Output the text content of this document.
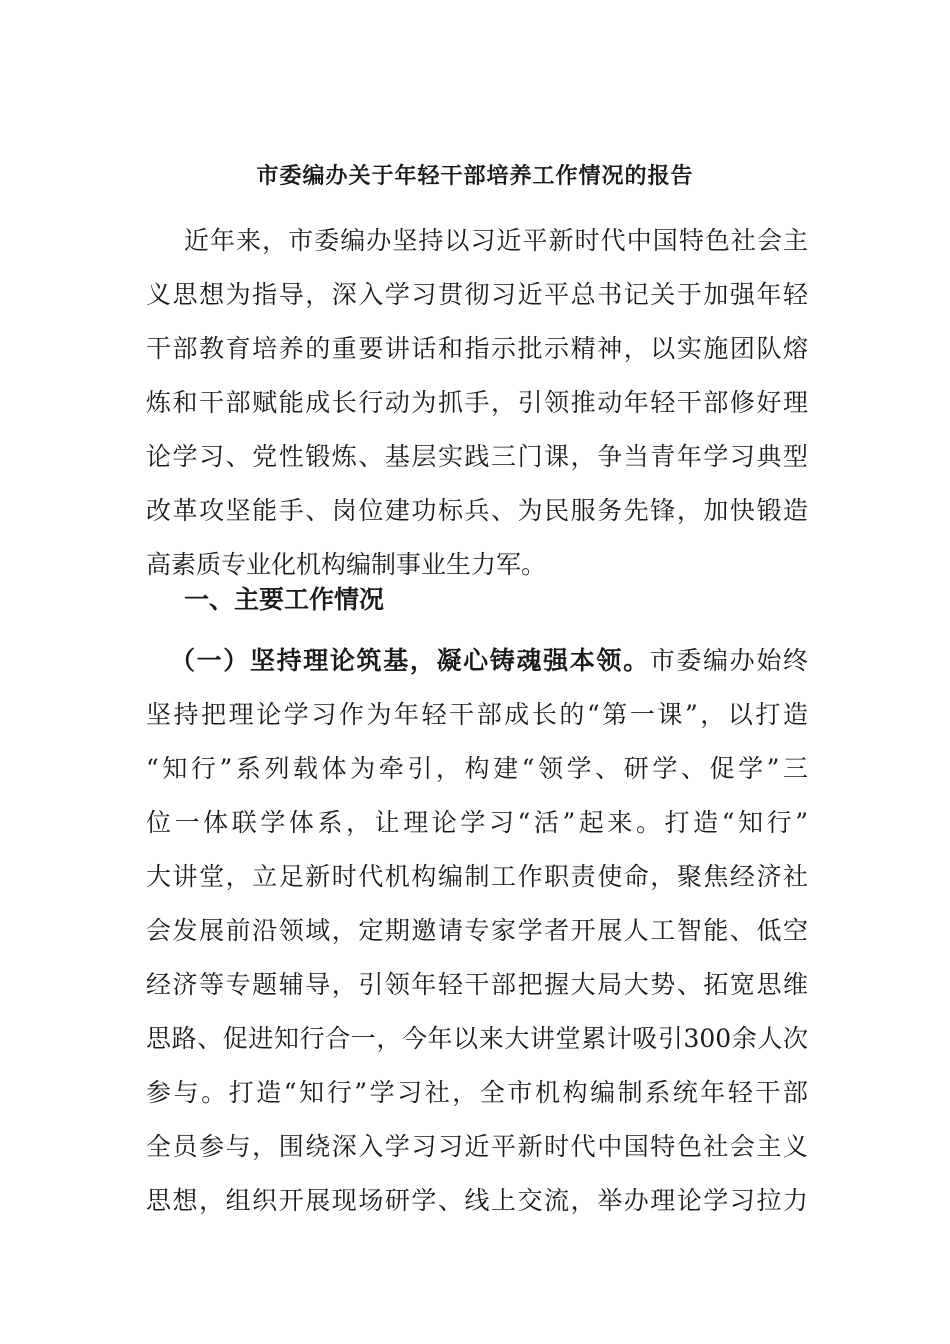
市委编办关于年轻干部培养工作情况的报告
近年来，市委编办坚持以习近平新时代中国特色社会主
义思想为指导，深入学习贯彻习近平总书记关于加强年轻
干部教育培养的重要讲话和指示批示精神，以实施团队熔
炼和干部赋能成长行动为抓手，引领推动年轻干部修好理
论学习、党性锻炼、基层实践三门课，争当青年学习典型
改革攻坚能手、岗位建功标兵、为民服务先锋，加快锻造
高素质专业化机构编制事业生力军。
一、主要工作情况
（一）坚持理论筑基，凝心铸魂强本领。市委编办始终
坚持把理论学习作为年轻干部成长的“第一课”，以打造
“知行”系列载体为牵引，构建“领学、研学、促学”三
位一体联学体系，让理论学习“活”起来。打造“知行”
大讲堂，立足新时代机构编制工作职责使命，聚焦经济社
会发展前沿领域，定期邀请专家学者开展人工智能、低空
经济等专题辅导，引领年轻干部把握大局大势、拓宽思维
思路、促进知行合一，今年以来大讲堂累计吸引300余人次
参与。打造“知行”学习社，全市机构编制系统年轻干部
全员参与，围绕深入学习习近平新时代中国特色社会主义
思想，组织开展现场研学、线上交流，举办理论学习拉力
